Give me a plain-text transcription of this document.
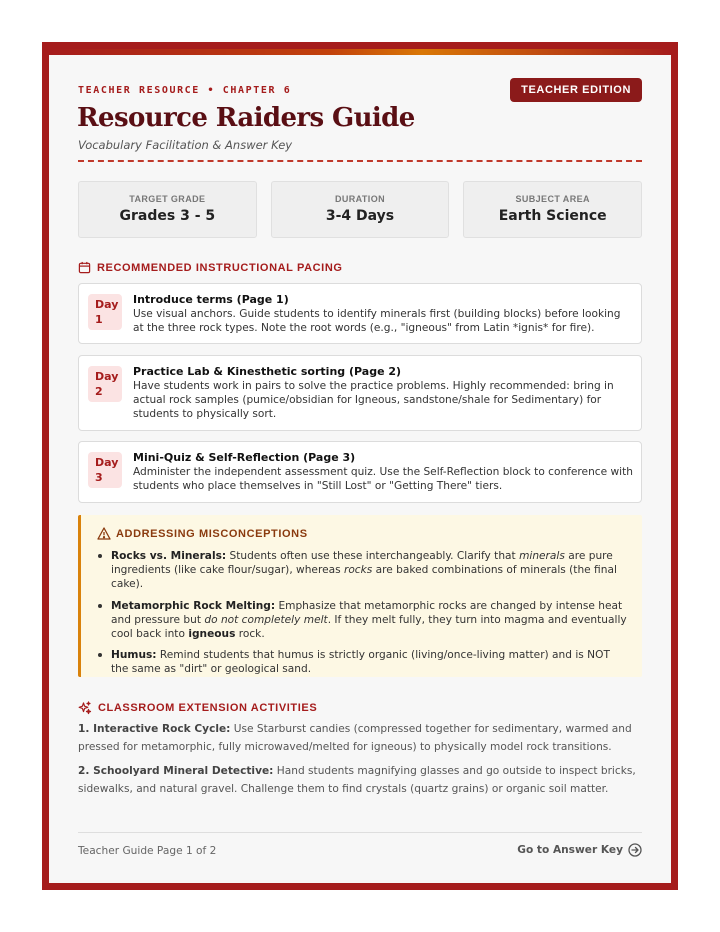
TEACHER RESOURCE • CHAPTER 6	TEACHER EDITION
Resource Raiders Guide
Vocabulary Facilitation & Answer Key
TARGET GRADE
Grades 3 - 5
DURATION
3-4 Days
SUBJECT AREA
Earth Science
RECOMMENDED INSTRUCTIONAL PACING
Day
1
Introduce terms (Page 1)
Use visual anchors. Guide students to identify minerals first (building blocks) before looking at the three rock types. Note the root words (e.g., "igneous" from Latin *ignis* for fire).
Day
2
Practice Lab & Kinesthetic sorting (Page 2)
Have students work in pairs to solve the practice problems. Highly recommended: bring in actual rock samples (pumice/obsidian for Igneous, sandstone/shale for Sedimentary) for students to physically sort.
Day
3
Mini-Quiz & Self-Reflection (Page 3)
Administer the independent assessment quiz. Use the Self-Reflection block to conference with students who place themselves in "Still Lost" or "Getting There" tiers.
ADDRESSING MISCONCEPTIONS
Rocks vs. Minerals: Students often use these interchangeably. Clarify that minerals are pure ingredients (like cake flour/sugar), whereas rocks are baked combinations of minerals (the final cake).
Metamorphic Rock Melting: Emphasize that metamorphic rocks are changed by intense heat and pressure but do not completely melt. If they melt fully, they turn into magma and eventually cool back into igneous rock.
Humus: Remind students that humus is strictly organic (living/once-living matter) and is NOT the same as "dirt" or geological sand.
CLASSROOM EXTENSION ACTIVITIES
1. Interactive Rock Cycle: Use Starburst candies (compressed together for sedimentary, warmed and pressed for metamorphic, fully microwaved/melted for igneous) to physically model rock transitions.
2. Schoolyard Mineral Detective: Hand students magnifying glasses and go outside to inspect bricks, sidewalks, and natural gravel. Challenge them to find crystals (quartz grains) or organic soil matter.
Teacher Guide Page 1 of 2	Go to Answer Key
